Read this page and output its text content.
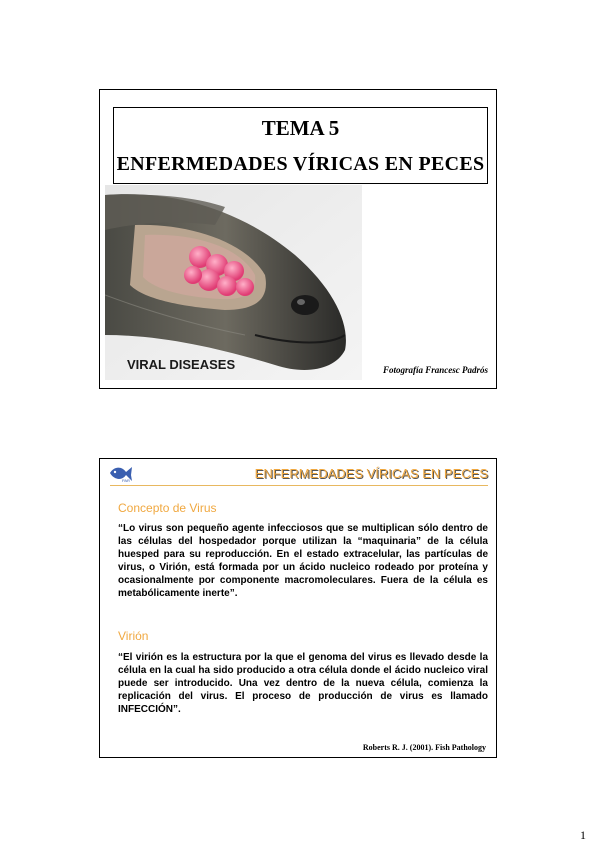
TEMA 5
ENFERMEDADES VÍRICAS EN PECES
VIRAL DISEASES	Fotografía Francesc Padrós
PAR	ENFERMEDADES VÍRICAS EN PECES
Concepto de Virus
“Lo virus son pequeño agente infecciosos que se multiplican sólo dentro de las células del hospedador porque utilizan la “maquinaria” de la célula huesped para su reproducción. En el estado extracelular, las partículas de virus, o Virión, está formada por un ácido nucleico rodeado por proteína y ocasionalmente por componente macromoleculares. Fuera de la célula es metabólicamente inerte”.
Virión
“El virión es la estructura por la que el genoma del virus es llevado desde la célula en la cual ha sido producido a otra célula donde el ácido nucleico viral puede ser introducido. Una vez dentro de la nueva célula, comienza la replicación del virus. El proceso de producción de virus es llamado INFECCIÓN”.
Roberts R. J. (2001). Fish Pathology
1
